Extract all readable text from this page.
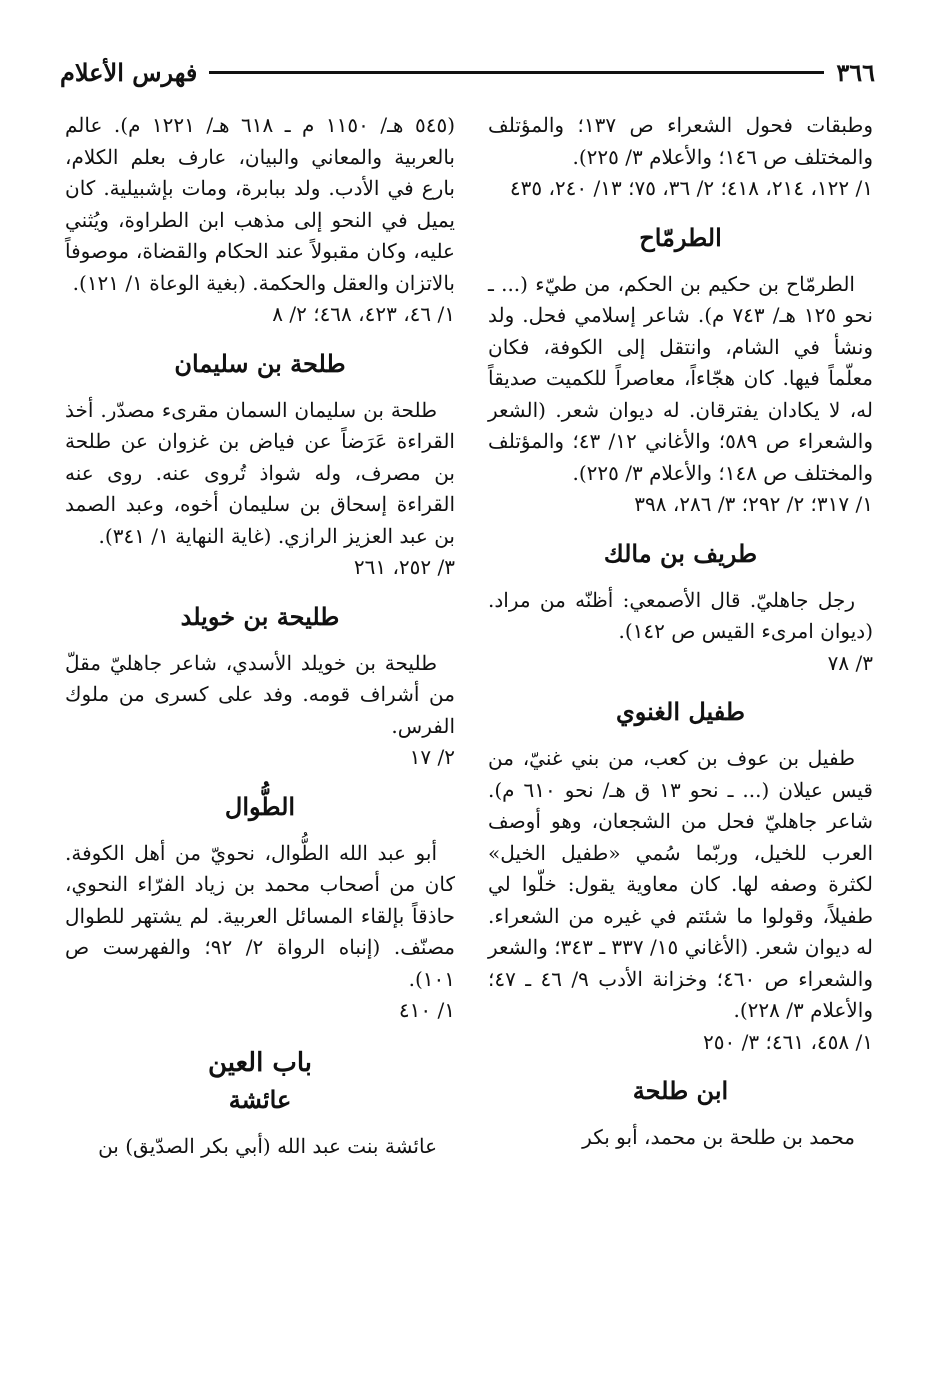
٣٦٦
فهرس الأعلام

وطبقات فحول الشعراء ص ١٣٧؛ والمؤتلف والمختلف ص ١٤٦؛ والأعلام ٣/ ٢٢٥).

١/ ١٢٢، ٢١٤، ٤١٨؛ ٢/ ٣٦، ٧٥؛ ١٣/ ٢٤٠، ٤٣٥

الطرمّاح

الطرمّاح بن حكيم بن الحكم، من طيّء (... ـ نحو ١٢٥ هـ/ ٧٤٣ م). شاعر إسلامي فحل. ولد ونشأ في الشام، وانتقل إلى الكوفة، فكان معلّماً فيها. كان هجّاءاً، معاصراً للكميت صديقاً له، لا يكادان يفترقان. له ديوان شعر. (الشعر والشعراء ص ٥٨٩؛ والأغاني ١٢/ ٤٣؛ والمؤتلف والمختلف ص ١٤٨؛ والأعلام ٣/ ٢٢٥).

١/ ٣١٧؛ ٢/ ٢٩٢؛ ٣/ ٢٨٦، ٣٩٨

طريف بن مالك

رجل جاهليّ. قال الأصمعي: أظنّه من مراد. (ديوان امرىء القيس ص ١٤٢).

٣/ ٧٨

طفيل الغنوي

طفيل بن عوف بن كعب، من بني غنيّ، من قيس عيلان (... ـ نحو ١٣ ق هـ/ نحو ٦١٠ م). شاعر جاهليّ فحل من الشجعان، وهو أوصف العرب للخيل، وربّما سُمي «طفيل الخيل» لكثرة وصفه لها. كان معاوية يقول: خلّوا لي طفيلاً، وقولوا ما شئتم في غيره من الشعراء. له ديوان شعر. (الأغاني ١٥/ ٣٣٧ ـ ٣٤٣؛ والشعر والشعراء ص ٤٦٠؛ وخزانة الأدب ٩/ ٤٦ ـ ٤٧؛ والأعلام ٣/ ٢٢٨).

١/ ٤٥٨، ٤٦١؛ ٣/ ٢٥٠

ابن طلحة

محمد بن طلحة بن محمد، أبو بكر

(٥٤٥ هـ/ ١١٥٠ م ـ ٦١٨ هـ/ ١٢٢١ م). عالم بالعربية والمعاني والبيان، عارف بعلم الكلام، بارع في الأدب. ولد ببابرة، ومات بإشبيلية. كان يميل في النحو إلى مذهب ابن الطراوة، ويُثني عليه، وكان مقبولاً عند الحكام والقضاة، موصوفاً بالاتزان والعقل والحكمة. (بغية الوعاة ١/ ١٢١).

١/ ٤٦، ٤٢٣، ٤٦٨؛ ٢/ ٨

طلحة بن سليمان

طلحة بن سليمان السمان مقرىء مصدّر. أخذ القراءة عَرَضاً عن فياض بن غزوان عن طلحة بن مصرف، وله شواذ تُروى عنه. روى عنه القراءة إسحاق بن سليمان أخوه، وعبد الصمد بن عبد العزيز الرازي. (غاية النهاية ١/ ٣٤١).

٣/ ٢٥٢، ٢٦١

طليحة بن خويلد

طليحة بن خويلد الأسدي، شاعر جاهليّ مقلّ من أشراف قومه. وفد على كسرى من ملوك الفرس.

٢/ ١٧

الطُّوال

أبو عبد الله الطُّوال، نحويّ من أهل الكوفة. كان من أصحاب محمد بن زياد الفرّاء النحوي، حاذقاً بإلقاء المسائل العربية. لم يشتهر للطوال مصنّف. (إنباه الرواة ٢/ ٩٢؛ والفهرست ص ١٠١).

١/ ٤١٠

باب العين
عائشة

عائشة بنت عبد الله (أبي بكر الصدّيق) بن
